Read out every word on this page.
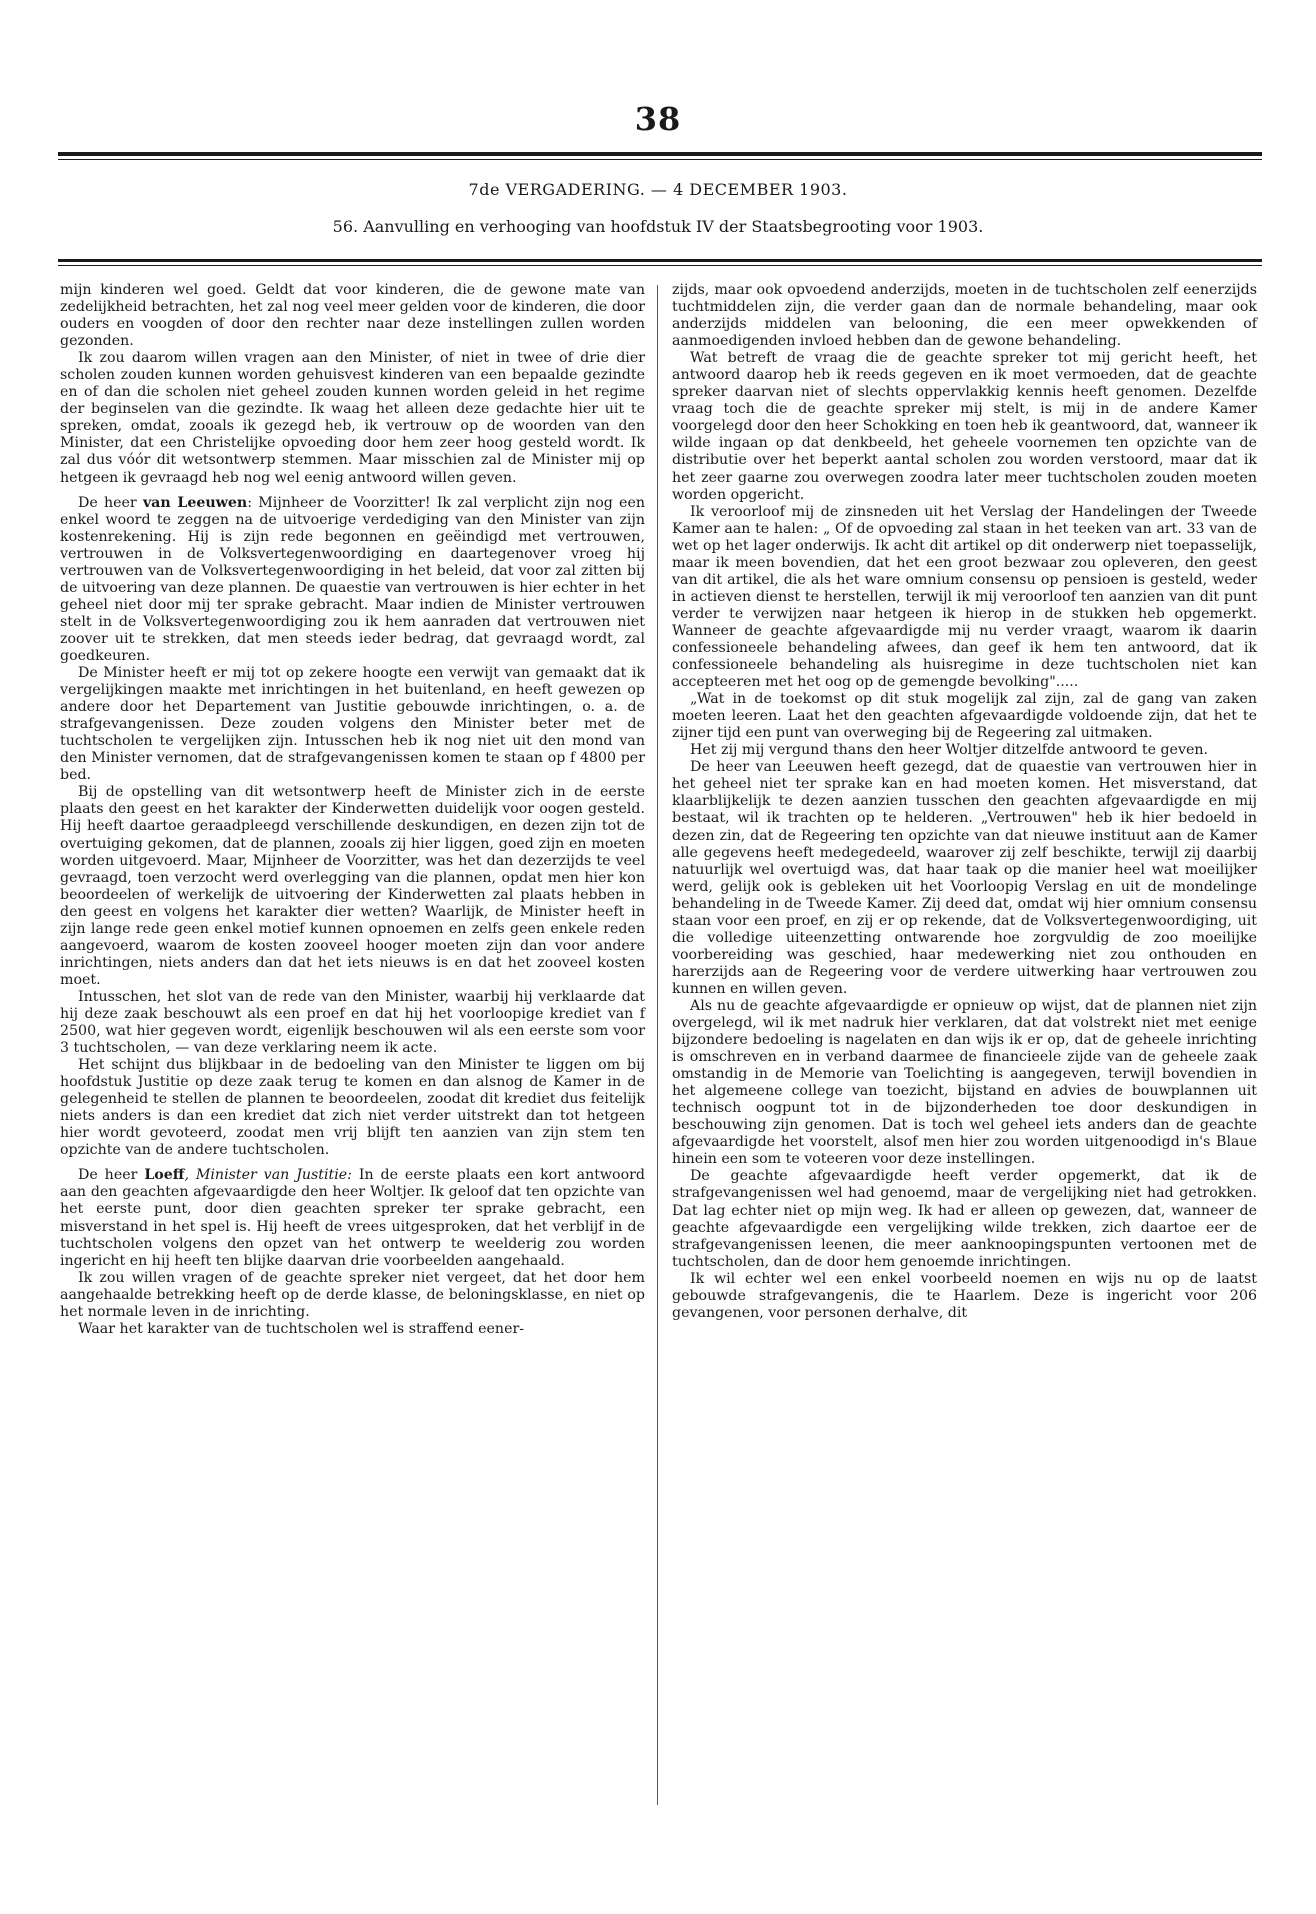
38
7de VERGADERING. — 4 DECEMBER 1903.
56. Aanvulling en verhooging van hoofdstuk IV der Staatsbegrooting voor 1903.

mijn kinderen wel goed. Geldt dat voor kinderen, die de gewone mate van zedelijkheid betrachten, het zal nog veel meer gelden voor de kinderen, die door ouders en voogden of door den rechter naar deze instellingen zullen worden gezonden.

Ik zou daarom willen vragen aan den Minister, of niet in twee of drie dier scholen zouden kunnen worden gehuisvest kinderen van een bepaalde gezindte en of dan die scholen niet geheel zouden kunnen worden geleid in het regime der beginselen van die gezindte. Ik waag het alleen deze gedachte hier uit te spreken, omdat, zooals ik gezegd heb, ik vertrouw op de woorden van den Minister, dat een Christelijke opvoeding door hem zeer hoog gesteld wordt. Ik zal dus vóór dit wetsontwerp stemmen. Maar misschien zal de Minister mij op hetgeen ik gevraagd heb nog wel eenig antwoord willen geven.

De heer van Leeuwen: Mijnheer de Voorzitter! Ik zal verplicht zijn nog een enkel woord te zeggen na de uitvoerige verdediging van den Minister van zijn kostenrekening. Hij is zijn rede begonnen en geëindigd met vertrouwen, vertrouwen in de Volksvertegenwoordiging en daartegenover vroeg hij vertrouwen van de Volksvertegenwoordiging in het beleid, dat voor zal zitten bij de uitvoering van deze plannen. De quaestie van vertrouwen is hier echter in het geheel niet door mij ter sprake gebracht. Maar indien de Minister vertrouwen stelt in de Volksvertegenwoordiging zou ik hem aanraden dat vertrouwen niet zoover uit te strekken, dat men steeds ieder bedrag, dat gevraagd wordt, zal goedkeuren.

De Minister heeft er mij tot op zekere hoogte een verwijt van gemaakt dat ik vergelijkingen maakte met inrichtingen in het buitenland, en heeft gewezen op andere door het Departement van Justitie gebouwde inrichtingen, o. a. de strafgevangenissen. Deze zouden volgens den Minister beter met de tuchtscholen te vergelijken zijn. Intusschen heb ik nog niet uit den mond van den Minister vernomen, dat de strafgevangenissen komen te staan op f 4800 per bed.

Bij de opstelling van dit wetsontwerp heeft de Minister zich in de eerste plaats den geest en het karakter der Kinderwetten duidelijk voor oogen gesteld. Hij heeft daartoe geraadpleegd verschillende deskundigen, en dezen zijn tot de overtuiging gekomen, dat de plannen, zooals zij hier liggen, goed zijn en moeten worden uitgevoerd. Maar, Mijnheer de Voorzitter, was het dan dezerzijds te veel gevraagd, toen verzocht werd overlegging van die plannen, opdat men hier kon beoordeelen of werkelijk de uitvoering der Kinderwetten zal plaats hebben in den geest en volgens het karakter dier wetten? Waarlijk, de Minister heeft in zijn lange rede geen enkel motief kunnen opnoemen en zelfs geen enkele reden aangevoerd, waarom de kosten zooveel hooger moeten zijn dan voor andere inrichtingen, niets anders dan dat het iets nieuws is en dat het zooveel kosten moet.

Intusschen, het slot van de rede van den Minister, waarbij hij verklaarde dat hij deze zaak beschouwt als een proef en dat hij het voorloopige krediet van f 2500, wat hier gegeven wordt, eigenlijk beschouwen wil als een eerste som voor 3 tuchtscholen, — van deze verklaring neem ik acte.

Het schijnt dus blijkbaar in de bedoeling van den Minister te liggen om bij hoofdstuk Justitie op deze zaak terug te komen en dan alsnog de Kamer in de gelegenheid te stellen de plannen te beoordeelen, zoodat dit krediet dus feitelijk niets anders is dan een krediet dat zich niet verder uitstrekt dan tot hetgeen hier wordt gevoteerd, zoodat men vrij blijft ten aanzien van zijn stem ten opzichte van de andere tuchtscholen.

De heer Loeff, Minister van Justitie: In de eerste plaats een kort antwoord aan den geachten afgevaardigde den heer Woltjer. Ik geloof dat ten opzichte van het eerste punt, door dien geachten spreker ter sprake gebracht, een misverstand in het spel is. Hij heeft de vrees uitgesproken, dat het verblijf in de tuchtscholen volgens den opzet van het ontwerp te weelderig zou worden ingericht en hij heeft ten blijke daarvan drie voorbeelden aangehaald.

Ik zou willen vragen of de geachte spreker niet vergeet, dat het door hem aangehaalde betrekking heeft op de derde klasse, de beloningsklasse, en niet op het normale leven in de inrichting.

Waar het karakter van de tuchtscholen wel is straffend eener-

zijds, maar ook opvoedend anderzijds, moeten in de tuchtscholen zelf eenerzijds tuchtmiddelen zijn, die verder gaan dan de normale behandeling, maar ook anderzijds middelen van belooning, die een meer opwekkenden of aanmoedigenden invloed hebben dan de gewone behandeling.

Wat betreft de vraag die de geachte spreker tot mij gericht heeft, het antwoord daarop heb ik reeds gegeven en ik moet vermoeden, dat de geachte spreker daarvan niet of slechts oppervlakkig kennis heeft genomen. Dezelfde vraag toch die de geachte spreker mij stelt, is mij in de andere Kamer voorgelegd door den heer Schokking en toen heb ik geantwoord, dat, wanneer ik wilde ingaan op dat denkbeeld, het geheele voornemen ten opzichte van de distributie over het beperkt aantal scholen zou worden verstoord, maar dat ik het zeer gaarne zou overwegen zoodra later meer tuchtscholen zouden moeten worden opgericht.

Ik veroorloof mij de zinsneden uit het Verslag der Handelingen der Tweede Kamer aan te halen: „ Of de opvoeding zal staan in het teeken van art. 33 van de wet op het lager onderwijs. Ik acht dit artikel op dit onderwerp niet toepasselijk, maar ik meen bovendien, dat het een groot bezwaar zou opleveren, den geest van dit artikel, die als het ware omnium consensu op pensioen is gesteld, weder in actieven dienst te herstellen, terwijl ik mij veroorloof ten aanzien van dit punt verder te verwijzen naar hetgeen ik hierop in de stukken heb opgemerkt. Wanneer de geachte afgevaardigde mij nu verder vraagt, waarom ik daarin confessioneele behandeling afwees, dan geef ik hem ten antwoord, dat ik confessioneele behandeling als huisregime in deze tuchtscholen niet kan accepteeren met het oog op de gemengde bevolking".....

„Wat in de toekomst op dit stuk mogelijk zal zijn, zal de gang van zaken moeten leeren. Laat het den geachten afgevaardigde voldoende zijn, dat het te zijner tijd een punt van overweging bij de Regeering zal uitmaken.

Het zij mij vergund thans den heer Woltjer ditzelfde antwoord te geven.

De heer van Leeuwen heeft gezegd, dat de quaestie van vertrouwen hier in het geheel niet ter sprake kan en had moeten komen. Het misverstand, dat klaarblijkelijk te dezen aanzien tusschen den geachten afgevaardigde en mij bestaat, wil ik trachten op te helderen. „Vertrouwen" heb ik hier bedoeld in dezen zin, dat de Regeering ten opzichte van dat nieuwe instituut aan de Kamer alle gegevens heeft medegedeeld, waarover zij zelf beschikte, terwijl zij daarbij natuurlijk wel overtuigd was, dat haar taak op die manier heel wat moeilijker werd, gelijk ook is gebleken uit het Voorloopig Verslag en uit de mondelinge behandeling in de Tweede Kamer. Zij deed dat, omdat wij hier omnium consensu staan voor een proef, en zij er op rekende, dat de Volksvertegenwoordiging, uit die volledige uiteenzetting ontwarende hoe zorgvuldig de zoo moeilijke voorbereiding was geschied, haar medewerking niet zou onthouden en harerzijds aan de Regeering voor de verdere uitwerking haar vertrouwen zou kunnen en willen geven.

Als nu de geachte afgevaardigde er opnieuw op wijst, dat de plannen niet zijn overgelegd, wil ik met nadruk hier verklaren, dat dat volstrekt niet met eenige bijzondere bedoeling is nagelaten en dan wijs ik er op, dat de geheele inrichting is omschreven en in verband daarmee de financieele zijde van de geheele zaak omstandig in de Memorie van Toelichting is aangegeven, terwijl bovendien in het algemeene college van toezicht, bijstand en advies de bouwplannen uit technisch oogpunt tot in de bijzonderheden toe door deskundigen in beschouwing zijn genomen. Dat is toch wel geheel iets anders dan de geachte afgevaardigde het voorstelt, alsof men hier zou worden uitgenoodigd in's Blaue hinein een som te voteeren voor deze instellingen.

De geachte afgevaardigde heeft verder opgemerkt, dat ik de strafgevangenissen wel had genoemd, maar de vergelijking niet had getrokken. Dat lag echter niet op mijn weg. Ik had er alleen op gewezen, dat, wanneer de geachte afgevaardigde een vergelijking wilde trekken, zich daartoe eer de strafgevangenissen leenen, die meer aanknoopingspunten vertoonen met de tuchtscholen, dan de door hem genoemde inrichtingen.

Ik wil echter wel een enkel voorbeeld noemen en wijs nu op de laatst gebouwde strafgevangenis, die te Haarlem. Deze is ingericht voor 206 gevangenen, voor personen derhalve, dit
